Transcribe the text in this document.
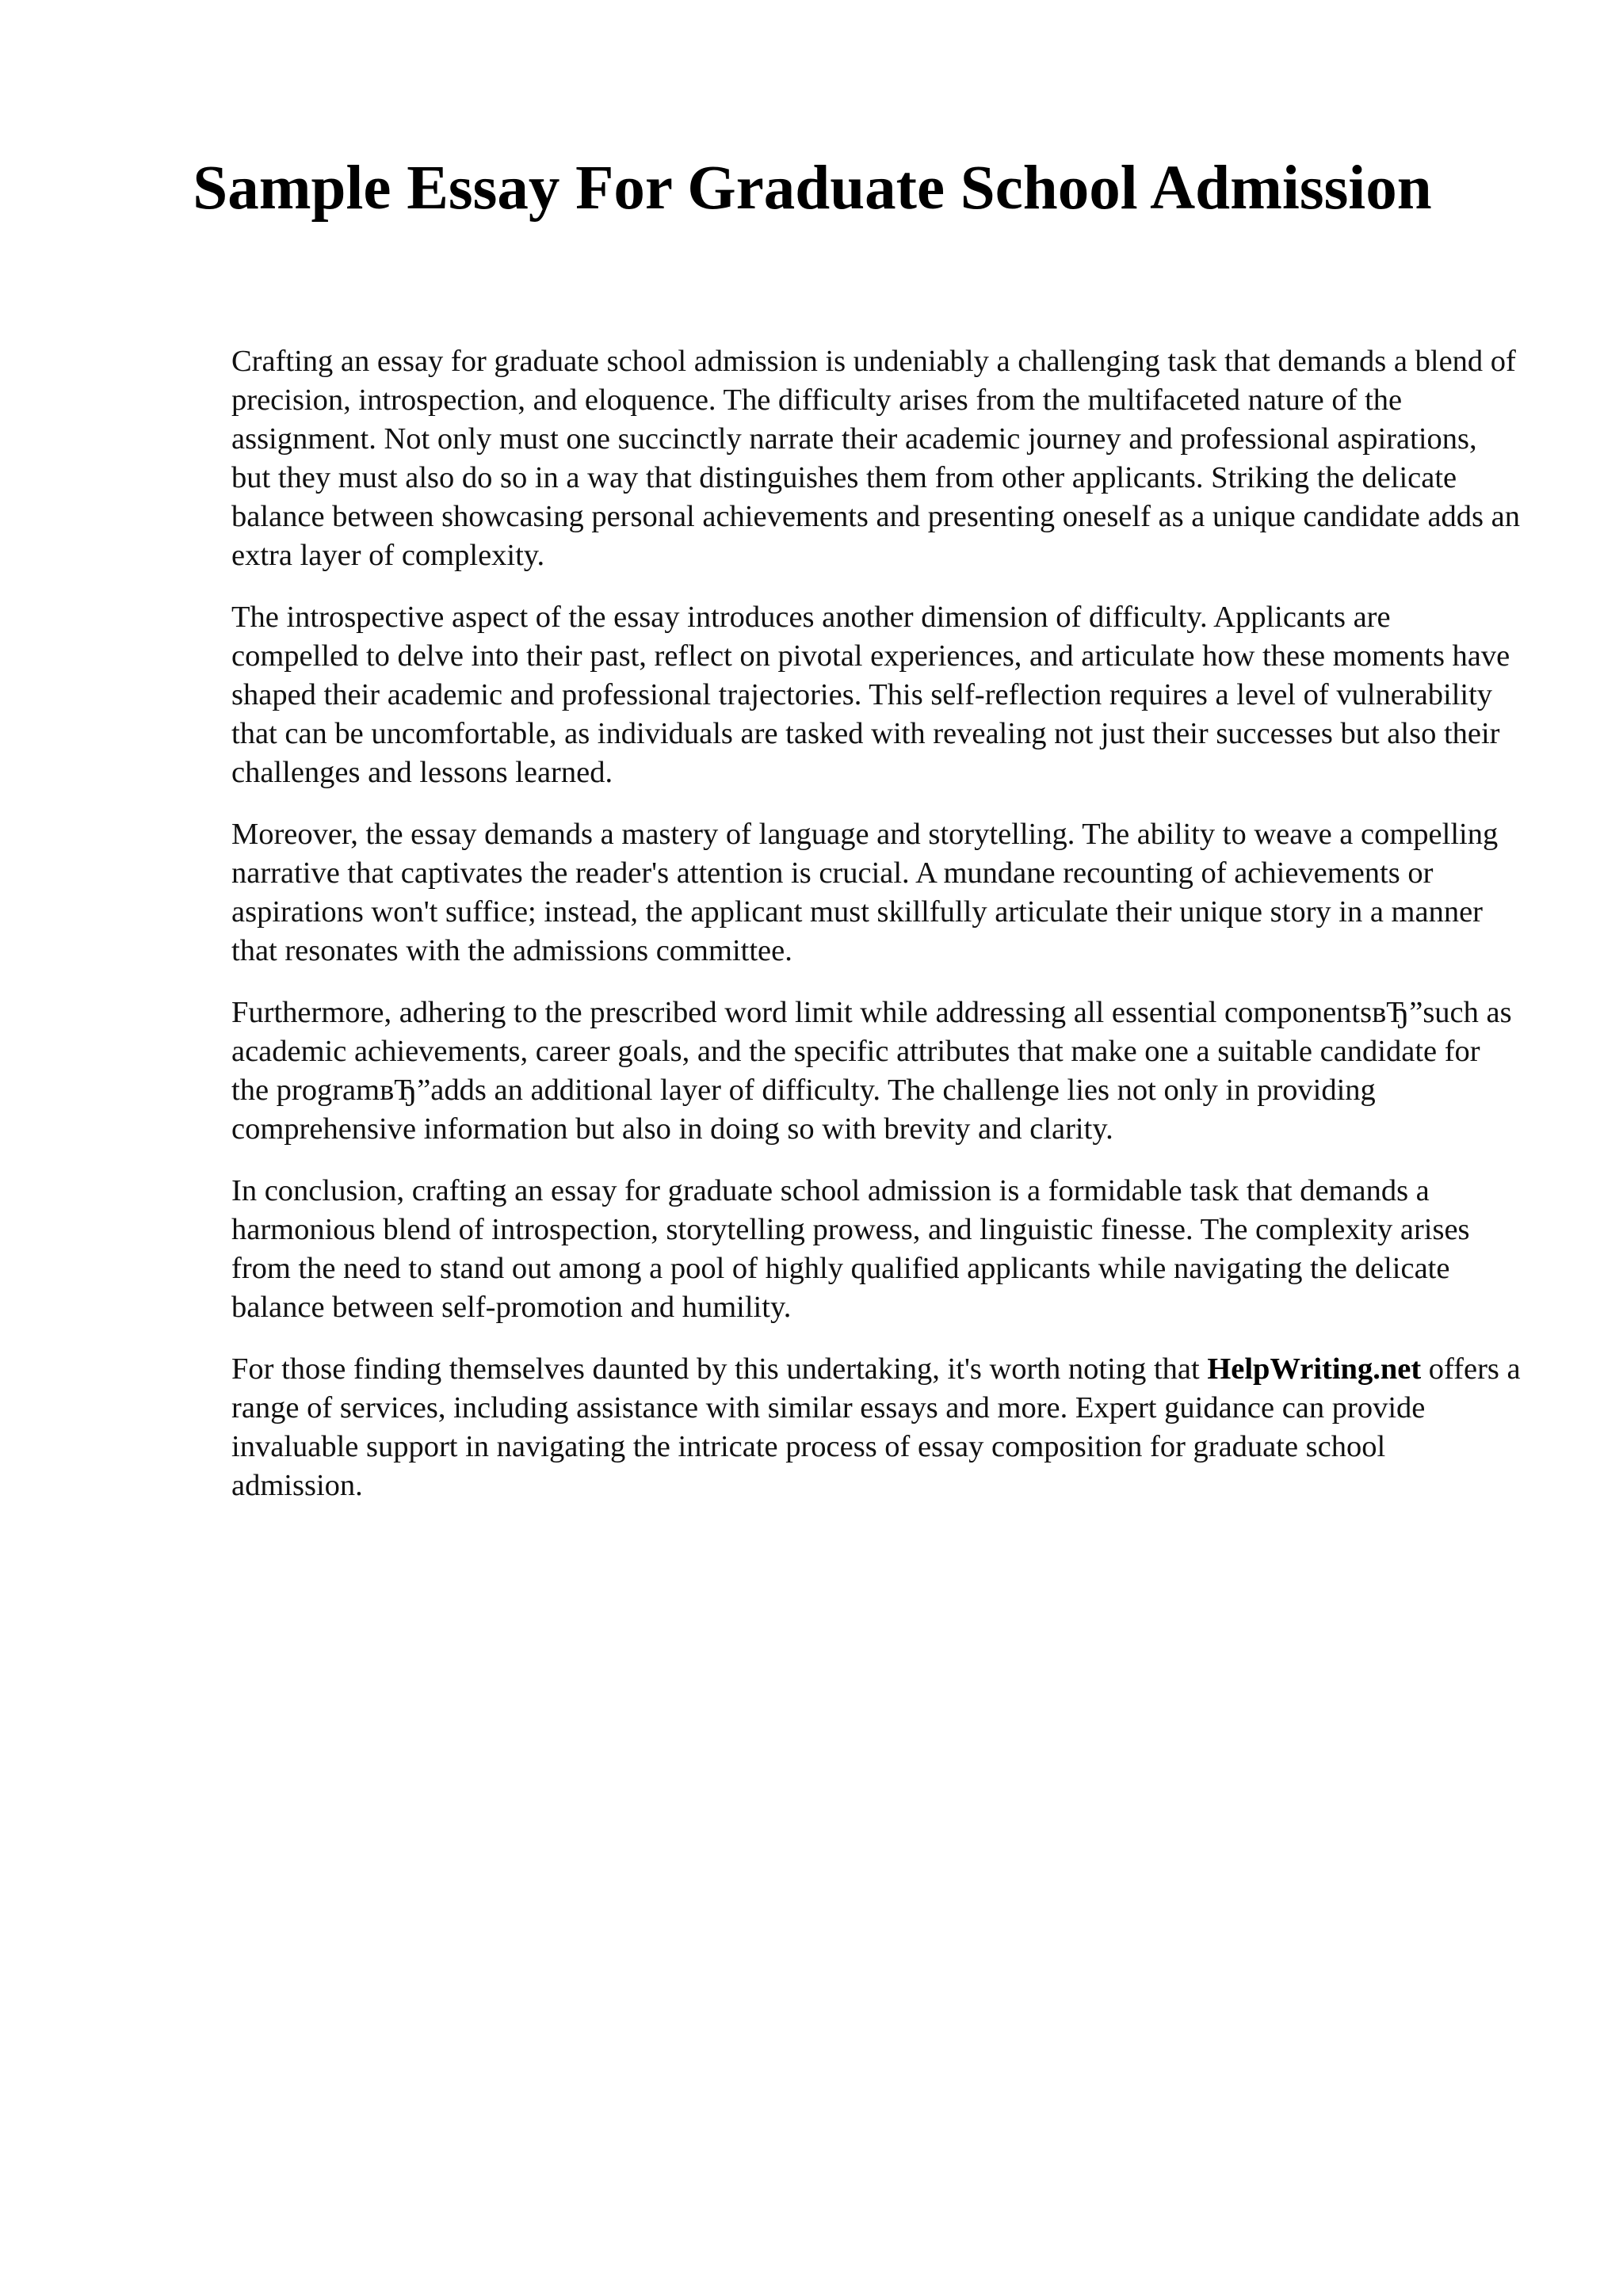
Sample Essay For Graduate School Admission

Crafting an essay for graduate school admission is undeniably a challenging task that demands a blend of precision, introspection, and eloquence. The difficulty arises from the multifaceted nature of the assignment. Not only must one succinctly narrate their academic journey and professional aspirations, but they must also do so in a way that distinguishes them from other applicants. Striking the delicate balance between showcasing personal achievements and presenting oneself as a unique candidate adds an extra layer of complexity.

The introspective aspect of the essay introduces another dimension of difficulty. Applicants are compelled to delve into their past, reflect on pivotal experiences, and articulate how these moments have shaped their academic and professional trajectories. This self-reflection requires a level of vulnerability that can be uncomfortable, as individuals are tasked with revealing not just their successes but also their challenges and lessons learned.

Moreover, the essay demands a mastery of language and storytelling. The ability to weave a compelling narrative that captivates the reader's attention is crucial. A mundane recounting of achievements or aspirations won't suffice; instead, the applicant must skillfully articulate their unique story in a manner that resonates with the admissions committee.

Furthermore, adhering to the prescribed word limit while addressing all essential componentsвЂ”such as academic achievements, career goals, and the specific attributes that make one a suitable candidate for the programвЂ”adds an additional layer of difficulty. The challenge lies not only in providing comprehensive information but also in doing so with brevity and clarity.

In conclusion, crafting an essay for graduate school admission is a formidable task that demands a harmonious blend of introspection, storytelling prowess, and linguistic finesse. The complexity arises from the need to stand out among a pool of highly qualified applicants while navigating the delicate balance between self-promotion and humility.

For those finding themselves daunted by this undertaking, it's worth noting that HelpWriting.net offers a range of services, including assistance with similar essays and more. Expert guidance can provide invaluable support in navigating the intricate process of essay composition for graduate school admission.
